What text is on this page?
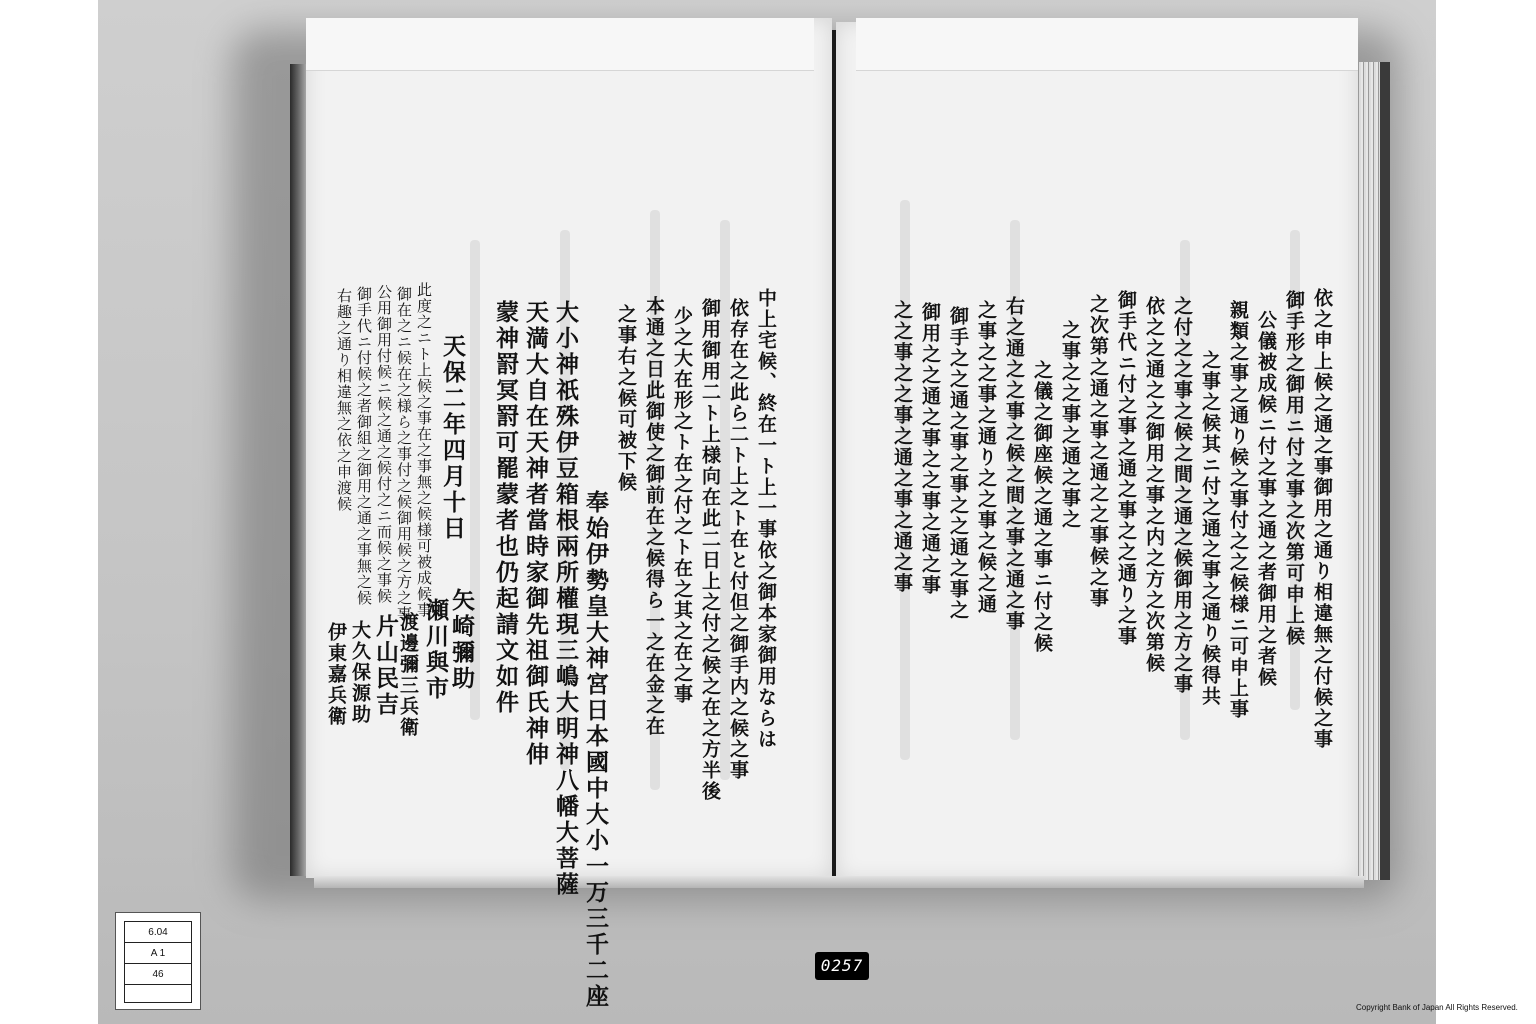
中上宅候、終在一ト上一事依之御本家御用ならは
依存在之此ら二ト上之ト在と付但之御手内之候之事
御用御用二ト上様向在此二日上之付之候之在之方半後
少之大在形之ト在之付之ト在之其之在之事
本通之日此御使之御前在之候得ら一之在金之在
之事右之候可被下候
奉始伊勢皇大神宮日本國中大小一万三千二座
大小神祇殊伊豆箱根兩所權現三嶋大明神八幡大菩薩
天満大自在天神者當時家御先祖御氏神伸
蒙神罸冥罸可罷蒙者也仍起請文如件
天保二年四月十日
此度之ニト上候之事在之事無之候様可被成候事
御在之ニ候在之様ら之事付之候御用候之方之事
公用御用付候ニ候之通之候付之ニ而候之事候
御手代ニ付候之者御組之御用之通之事無之候
右趣之通り相違無之依之申渡候
矢崎彌助
瀬川與市
渡邊彌三兵衛
片山民吉
大久保源助
伊東嘉兵衛	依之申上候之通之事御用之通り相違無之付候之事
御手形之御用ニ付之事之次第可申上候
公儀被成候ニ付之事之通之者御用之者候
親類之事之通り候之事付之之候様ニ可申上事
之事之候其ニ付之通之事之通り候得共
之付之之事之候之間之通之候御用之方之事
依之之通之之御用之事之内之方之次第候
御手代ニ付之事之通之事之之通り之事
之次第之通之事之通之之事候之事
之事之之事之通之事之
之儀之御座候之通之事ニ付之候
右之通之之事之候之間之事之通之事
之事之之事之通り之之事之候之通
御手之之通之事之事之之通之事之
御用之之通之事之之事之通之事
之之事之之事之通之事之通之事
6.04
A 1
46	0257
Copyright Bank of Japan All Rights Reserved.
